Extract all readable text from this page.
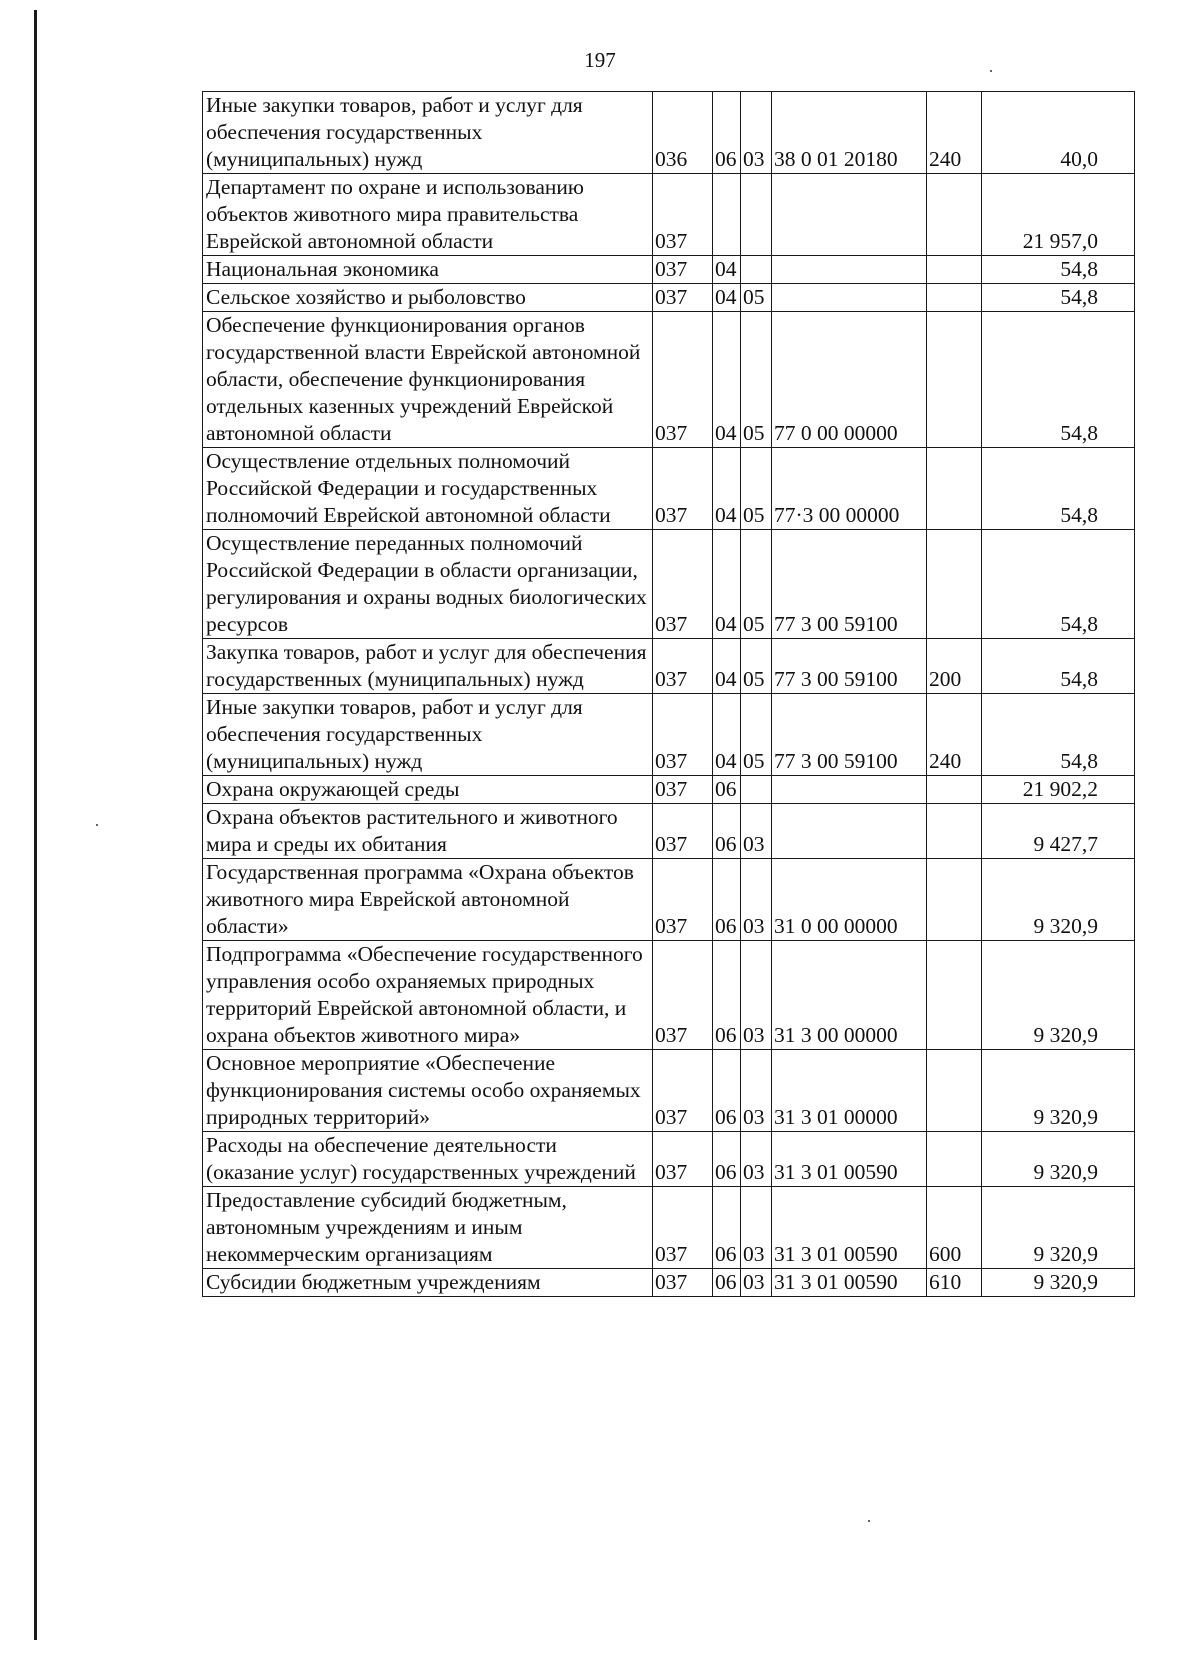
197
Иные закупки товаров, работ и услуг для обеспечения государственных (муниципальных) нужд	036	06	03	38 0 01 20180	240	40,0
Департамент по охране и использованию объектов животного мира правительства Еврейской автономной области	037					21 957,0
Национальная экономика	037	04				54,8
Сельское хозяйство и рыболовство	037	04	05			54,8
Обеспечение функционирования органов государственной власти Еврейской автономной области, обеспечение функционирования отдельных казенных учреждений Еврейской автономной области	037	04	05	77 0 00 00000		54,8
Осуществление отдельных полномочий Российской Федерации и государственных полномочий Еврейской автономной области	037	04	05	77·3 00 00000		54,8
Осуществление переданных полномочий Российской Федерации в области организации, регулирования и охраны водных биологических ресурсов	037	04	05	77 3 00 59100		54,8
Закупка товаров, работ и услуг для обеспечения государственных (муниципальных) нужд	037	04	05	77 3 00 59100	200	54,8
Иные закупки товаров, работ и услуг для обеспечения государственных (муниципальных) нужд	037	04	05	77 3 00 59100	240	54,8
Охрана окружающей среды	037	06				21 902,2
Охрана объектов растительного и животного мира и среды их обитания	037	06	03			9 427,7
Государственная программа «Охрана объектов животного мира Еврейской автономной области»	037	06	03	31 0 00 00000		9 320,9
Подпрограмма «Обеспечение государственного управления особо охраняемых природных территорий Еврейской автономной области, и охрана объектов животного мира»	037	06	03	31 3 00 00000		9 320,9
Основное мероприятие «Обеспечение функционирования системы особо охраняемых природных территорий»	037	06	03	31 3 01 00000		9 320,9
Расходы на обеспечение деятельности (оказание услуг) государственных учреждений	037	06	03	31 3 01 00590		9 320,9
Предоставление субсидий бюджетным, автономным учреждениям и иным некоммерческим организациям	037	06	03	31 3 01 00590	600	9 320,9
Субсидии бюджетным учреждениям	037	06	03	31 3 01 00590	610	9 320,9
